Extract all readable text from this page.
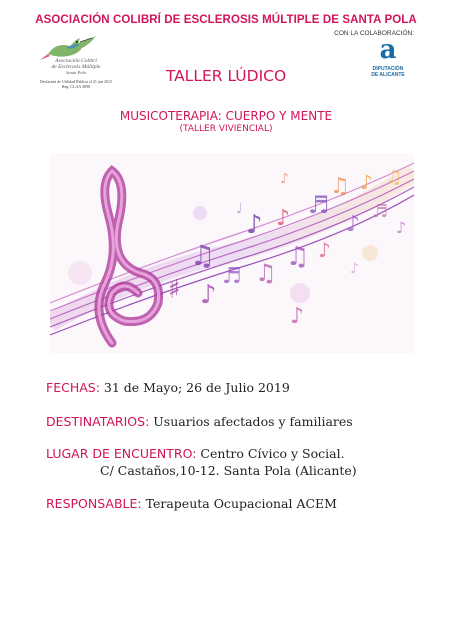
ASOCIACIÓN COLIBRÍ DE ESCLEROSIS MÚLTIPLE DE SANTA POLA
CON LA COLABORACIÓN:
Asociación Colibrí
de Esclerosis Múltiple
Santa Pola
Declarada de Utilidad Pública el 21 jun 2015
Reg. CLAA 4098
a
DIPUTACIÓN
DE ALICANTE
TALLER LÚDICO
MUSICOTERAPIA: CUERPO Y MENTE
(TALLER VIVIENCIAL)
♯
♫
♪
♬
♪
♫
♪
♫
♪
♬
♪
♫
♪
♪
♬
♫
♪
♪
♪
♩
FECHAS: 31 de Mayo; 26 de Julio 2019
DESTINATARIOS: Usuarios afectados y familiares
LUGAR DE ENCUENTRO: Centro Cívico y Social.
C/ Castaños,10-12. Santa Pola (Alicante)
RESPONSABLE: Terapeuta Ocupacional ACEM
